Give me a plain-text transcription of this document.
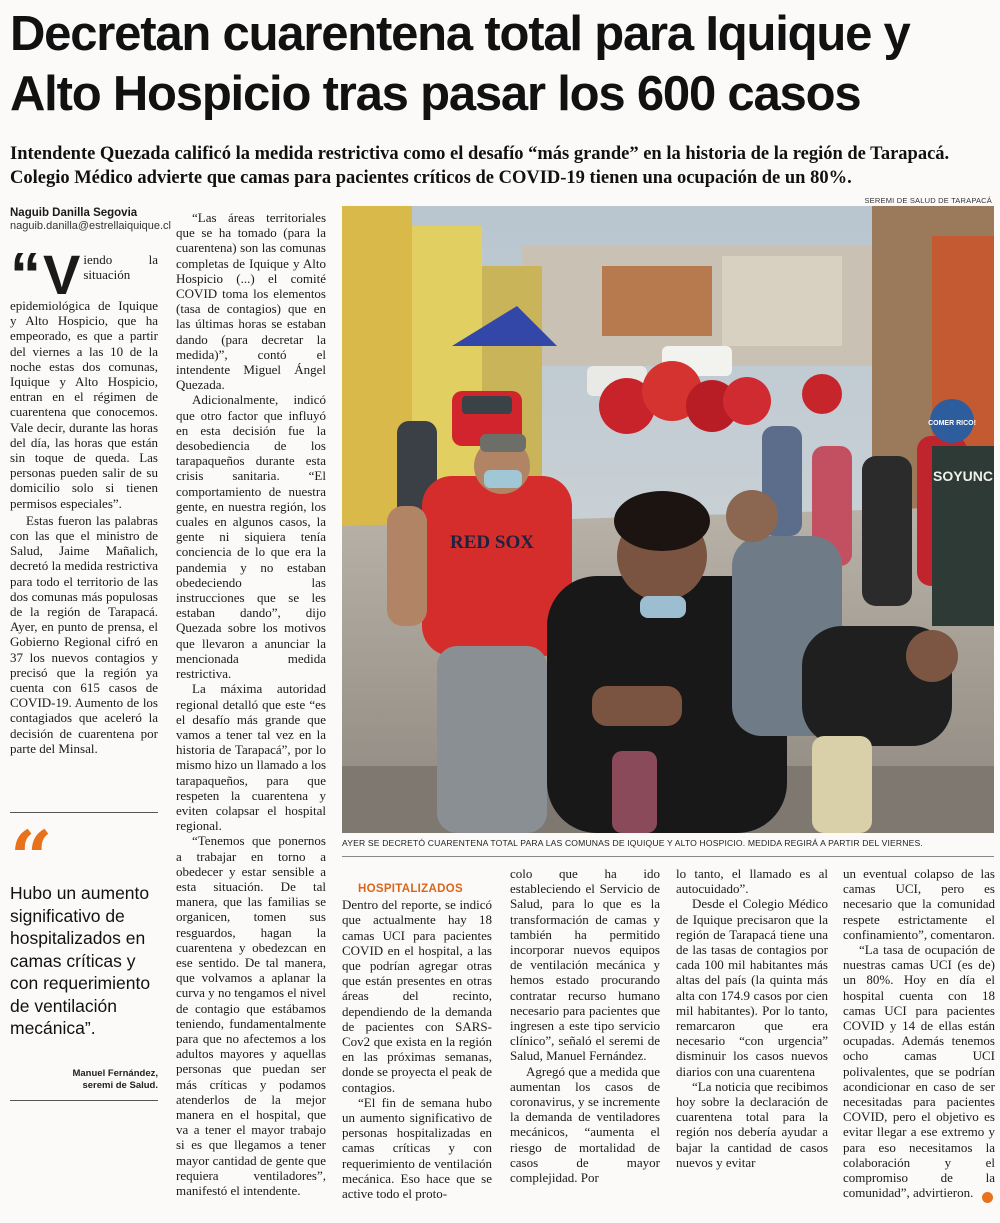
Decretan cuarentena total para Iquique y Alto Hospicio tras pasar los 600 casos
Intendente Quezada calificó la medida restrictiva como el desafío “más grande” en la historia de la región de Tarapacá. Colegio Médico advierte que camas para pacientes críticos de COVID-19 tienen una ocupación de un 80%.
Naguib Danilla Segovia
naguib.danilla@estrellaiquique.cl

“ V iendo la situación epidemiológica de Iquique y Alto Hospicio, que ha empeorado, es que a partir del viernes a las 10 de la noche estas dos comunas, Iquique y Alto Hospicio, entran en el régimen de cuarentena que conocemos. Vale decir, durante las horas del día, las horas que están sin toque de queda. Las personas pueden salir de su domicilio solo si tienen permisos especiales”.

Estas fueron las palabras con las que el ministro de Salud, Jaime Mañalich, decretó la medida restrictiva para todo el territorio de las dos comunas más populosas de la región de Tarapacá. Ayer, en punto de prensa, el Gobierno Regional cifró en 37 los nuevos contagios y precisó que la región ya cuenta con 615 casos de COVID-19. Aumento de los contagiados que aceleró la decisión de cuarentena por parte del Minsal.

“
Hubo un aumento significativo de hospitalizados en camas críticas y con requerimiento de ventilación mecánica”.
Manuel Fernández,
seremi de Salud.

“Las áreas territoriales que se ha tomado (para la cuarentena) son las comunas completas de Iquique y Alto Hospicio (...) el comité COVID toma los elementos (tasa de contagios) que en las últimas horas se estaban dando (para decretar la medida)”, contó el intendente Miguel Ángel Quezada.

Adicionalmente, indicó que otro factor que influyó en esta decisión fue la desobediencia de los tarapaqueños durante esta crisis sanitaria. “El comportamiento de nuestra gente, en nuestra región, los cuales en algunos casos, la gente ni siquiera tenía conciencia de lo que era la pandemia y no estaban obedeciendo las instrucciones que se les estaban dando”, dijo Quezada sobre los motivos que llevaron a anunciar la mencionada medida restrictiva.

La máxima autoridad regional detalló que este “es el desafío más grande que vamos a tener tal vez en la historia de Tarapacá”, por lo mismo hizo un llamado a los tarapaqueños, para que respeten la cuarentena y eviten colapsar el hospital regional.

“Tenemos que ponernos a trabajar en torno a obedecer y estar sensible a esta situación. De tal manera, que las familias se organicen, tomen sus resguardos, hagan la cuarentena y obedezcan en ese sentido. De tal manera, que volvamos a aplanar la curva y no tengamos el nivel de contagio que estábamos teniendo, fundamentalmente para que no afectemos a los adultos mayores y aquellas personas que puedan ser más críticas y podamos atenderlos de la mejor manera en el hospital, que va a tener el mayor trabajo si es que llegamos a tener mayor cantidad de gente que requiera ventiladores”, manifestó el intendente.

SEREMI DE SALUD DE TARAPACÁ
SOYUNC
COMER RICO!
RED SOX
AYER SE DECRETÓ CUARENTENA TOTAL PARA LAS COMUNAS DE IQUIQUE Y ALTO HOSPICIO. MEDIDA REGIRÁ A PARTIR DEL VIERNES.

HOSPITALIZADOS

Dentro del reporte, se indicó que actualmente hay 18 camas UCI para pacientes COVID en el hospital, a las que podrían agregar otras que están presentes en otras áreas del recinto, dependiendo de la demanda de pacientes con SARS-Cov2 que exista en la región en las próximas semanas, donde se proyecta el peak de contagios.

“El fin de semana hubo un aumento significativo de personas hospitalizadas en camas críticas y con requerimiento de ventilación mecánica. Eso hace que se active todo el proto-

colo que ha ido estableciendo el Servicio de Salud, para lo que es la transformación de camas y también ha permitido incorporar nuevos equipos de ventilación mecánica y hemos estado procurando contratar recurso humano necesario para pacientes que ingresen a este tipo servicio clínico”, señaló el seremi de Salud, Manuel Fernández.

Agregó que a medida que aumentan los casos de coronavirus, y se incremente la demanda de ventiladores mecánicos, “aumenta el riesgo de mortalidad de casos de mayor complejidad. Por

lo tanto, el llamado es al autocuidado”.

Desde el Colegio Médico de Iquique precisaron que la región de Tarapacá tiene una de las tasas de contagios por cada 100 mil habitantes más altas del país (la quinta más alta con 174.9 casos por cien mil habitantes). Por lo tanto, remarcaron que era necesario “con urgencia” disminuir los casos nuevos diarios con una cuarentena

“La noticia que recibimos hoy sobre la declaración de cuarentena total para la región nos debería ayudar a bajar la cantidad de casos nuevos y evitar

un eventual colapso de las camas UCI, pero es necesario que la comunidad respete estrictamente el confinamiento”, comentaron.

“La tasa de ocupación de nuestras camas UCI (es de) un 80%. Hoy en día el hospital cuenta con 18 camas UCI para pacientes COVID y 14 de ellas están ocupadas. Además tenemos ocho camas UCI polivalentes, que se podrían acondicionar en caso de ser necesitadas para pacientes COVID, pero el objetivo es evitar llegar a ese extremo y para eso necesitamos la colaboración y el compromiso de la comunidad”, advirtieron.
